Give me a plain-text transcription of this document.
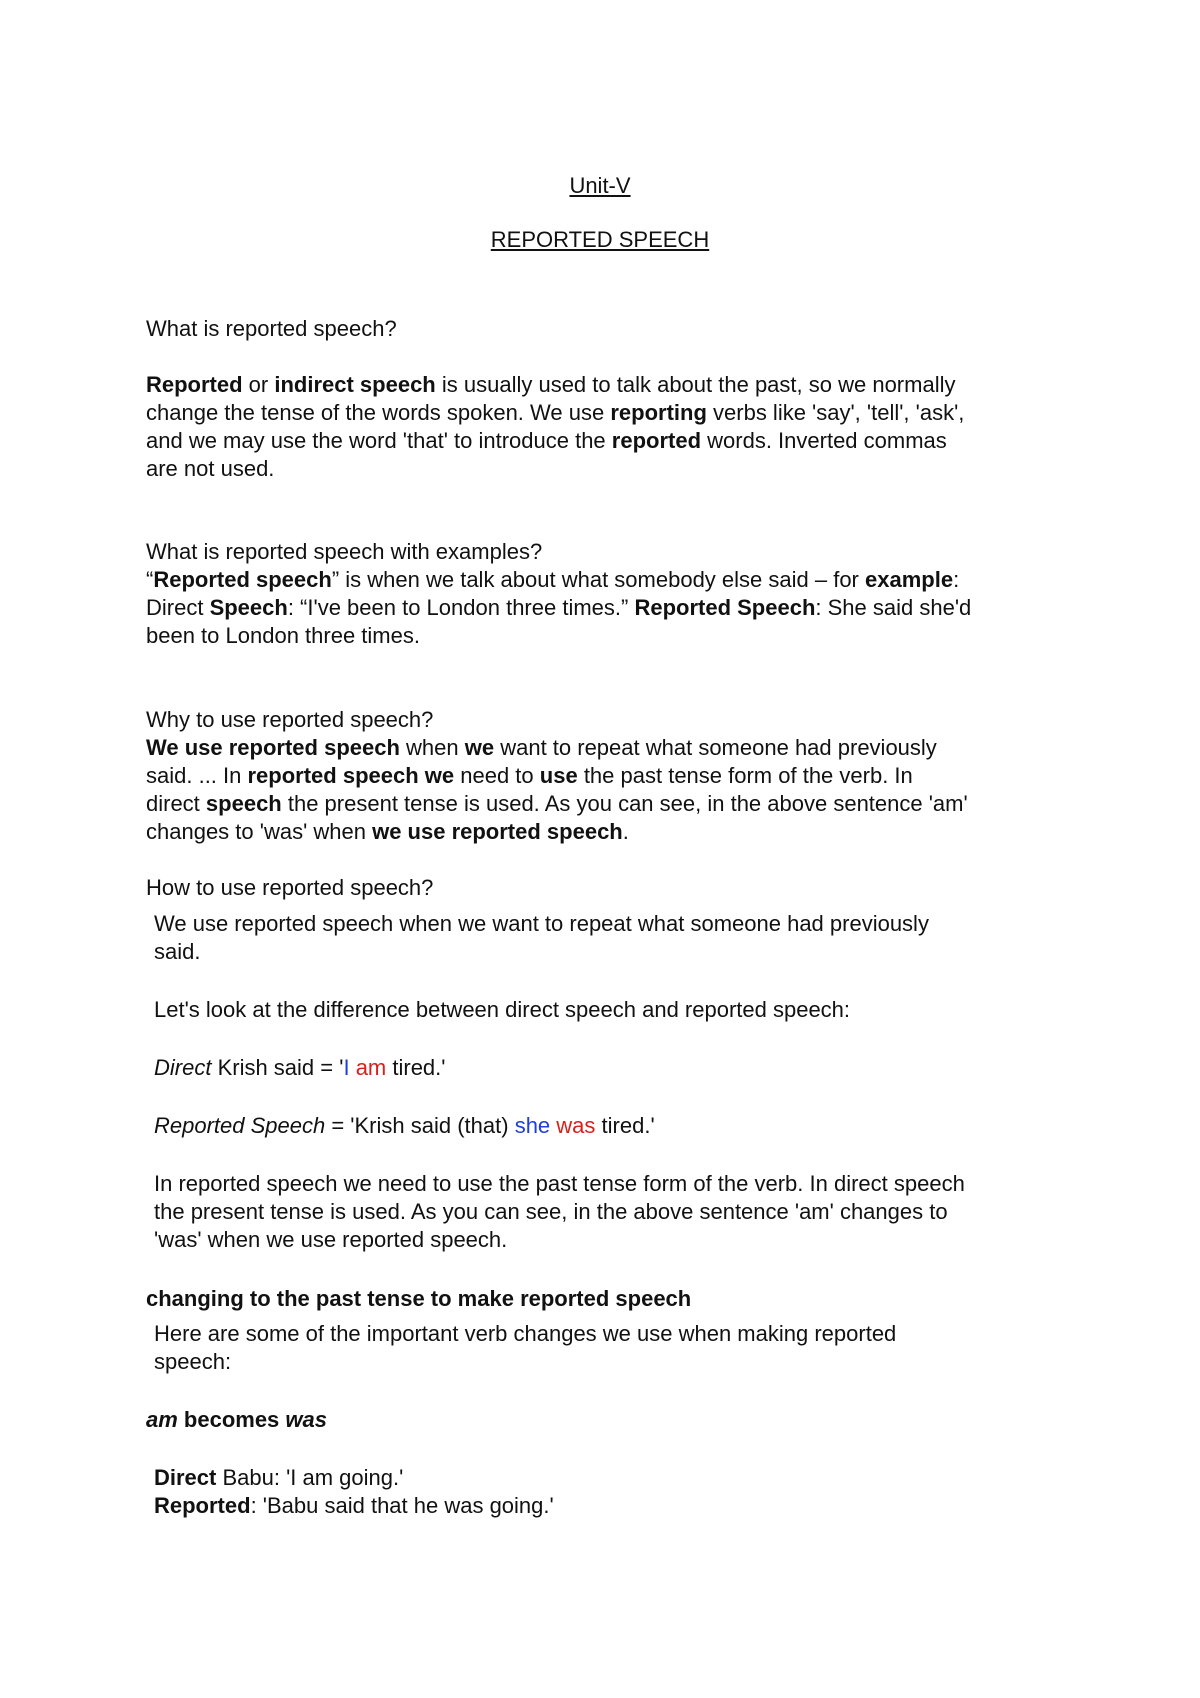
Unit-V
REPORTED SPEECH
What is reported speech?
Reported or indirect speech is usually used to talk about the past, so we normally
change the tense of the words spoken. We use reporting verbs like 'say', 'tell', 'ask',
and we may use the word 'that' to introduce the reported words. Inverted commas
are not used.
What is reported speech with examples?
“Reported speech” is when we talk about what somebody else said – for example:
Direct Speech: “I've been to London three times.” Reported Speech: She said she'd
been to London three times.
Why to use reported speech?
We use reported speech when we want to repeat what someone had previously
said. ... In reported speech we need to use the past tense form of the verb. In
direct speech the present tense is used. As you can see, in the above sentence 'am'
changes to 'was' when we use reported speech.
How to use reported speech?
We use reported speech when we want to repeat what someone had previously
said.
Let's look at the difference between direct speech and reported speech:
Direct Krish said = 'I am tired.'
Reported Speech = 'Krish said (that) she was tired.'
In reported speech we need to use the past tense form of the verb. In direct speech
the present tense is used. As you can see, in the above sentence 'am' changes to
'was' when we use reported speech.
changing to the past tense to make reported speech
Here are some of the important verb changes we use when making reported
speech:
am becomes was
Direct Babu: 'I am going.'
Reported: 'Babu said that he was going.'
